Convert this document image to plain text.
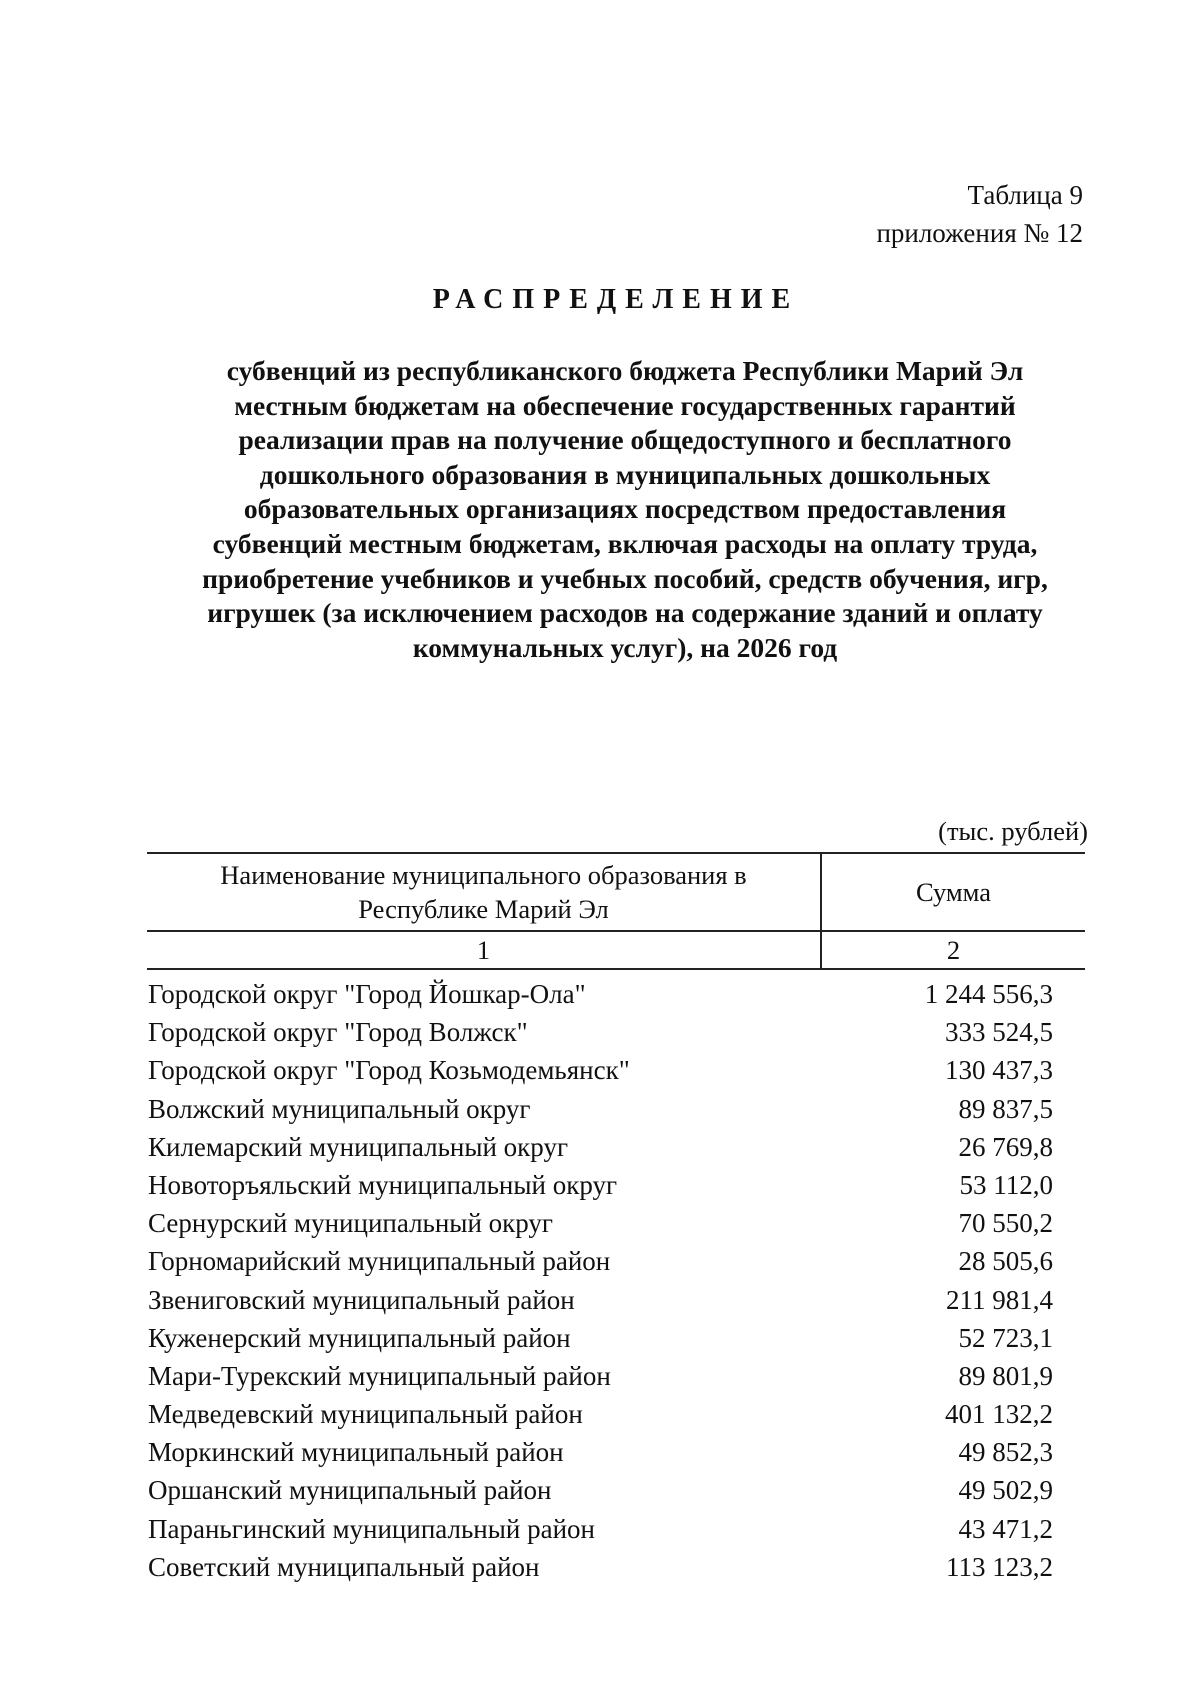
Таблица 9
приложения № 12
РАСПРЕДЕЛЕНИЕ
субвенций из республиканского бюджета Республики Марий Эл
местным бюджетам на обеспечение государственных гарантий
реализации прав на получение общедоступного и бесплатного
дошкольного образования в муниципальных дошкольных
образовательных организациях посредством предоставления
субвенций местным бюджетам, включая расходы на оплату труда,
приобретение учебников и учебных пособий, средств обучения, игр,
игрушек (за исключением расходов на содержание зданий и оплату
коммунальных услуг), на 2026 год
(тыс. рублей)
Наименование муниципального образования в
Республике Марий Эл	Сумма
1	2
Городской округ "Город Йошкар-Ола"	1 244 556,3
Городской округ "Город Волжск"	333 524,5
Городской округ "Город Козьмодемьянск"	130 437,3
Волжский муниципальный округ	89 837,5
Килемарский муниципальный округ	26 769,8
Новоторъяльский муниципальный округ	53 112,0
Сернурский муниципальный округ	70 550,2
Горномарийский муниципальный район	28 505,6
Звениговский муниципальный район	211 981,4
Куженерский муниципальный район	52 723,1
Мари-Турекский муниципальный район	89 801,9
Медведевский муниципальный район	401 132,2
Моркинский муниципальный район	49 852,3
Оршанский муниципальный район	49 502,9
Параньгинский муниципальный район	43 471,2
Советский муниципальный район	113 123,2
